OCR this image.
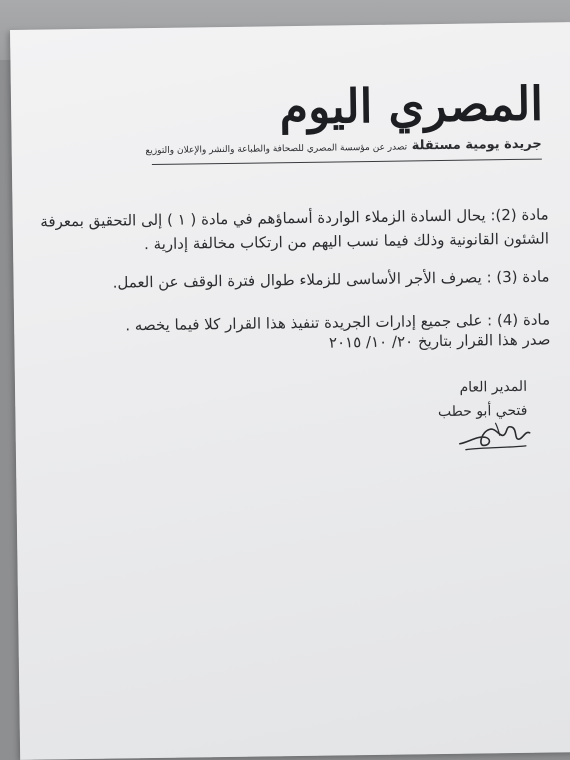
المصري اليوم
جريدة يومية مستقلة تصدر عن مؤسسة المصري للصحافة والطباعة والنشر والإعلان والتوزيع
مادة (2): يحال السادة الزملاء الواردة أسماؤهم في مادة ( ١ ) إلى التحقيق بمعرفة الشئون القانونية وذلك فيما نسب اليهم من ارتكاب مخالفة إدارية .
مادة (3) : يصرف الأجر الأساسى للزملاء طوال فترة الوقف عن العمل.
مادة (4) : على جميع إدارات الجريدة تنفيذ هذا القرار كلا فيما يخصه .
صدر هذا القرار بتاريخ ٢٠/ ١٠/ ٢٠١٥
المدير العام
فتحي أبو حطب
